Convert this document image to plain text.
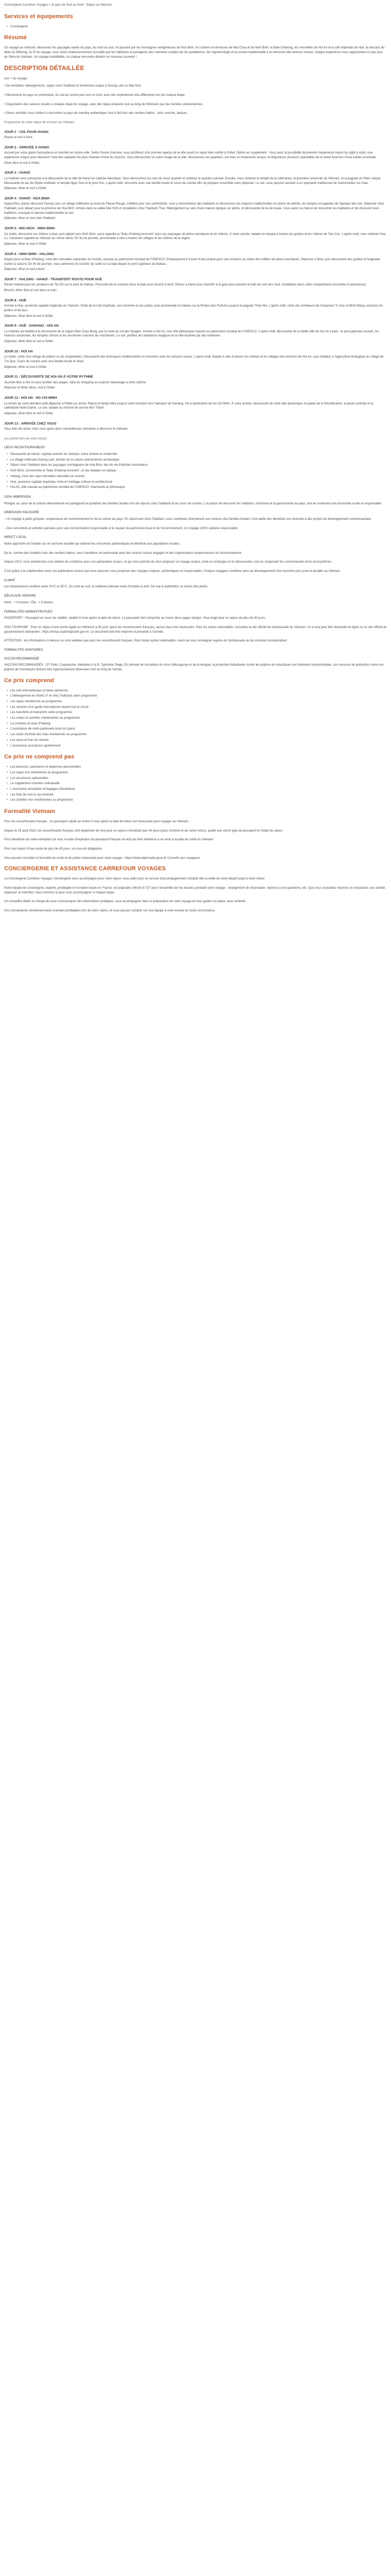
Conciergerie Carrefour Voyages / Je pars de Sud au Nord - Séjour au Vietnam
Services et équipements
• Conciergerie
Résumé
Ce voyage au Vietnam, découvrez les paysages variés du pays, du nord au sud, en passant par les montagnes vertigineuses de Hoà Binh, les rizières en terrasses de Mai Chau et de Ninh Binh, la Baie d'Halong, les merveilles de Hoi An et la cité impériale de Hué, la douceur du delta du Mékong. Au fil du voyage, vous serez chaleureusement accueillis par les habitants et partagerez des moments simples de vie quotidienne. De l'agroécologie et la cuisine traditionnelle à la rencontre des artisans locaux, chaque expérience vous rapprochera un peu plus de l'âme du Vietnam. Un voyage inoubliable, où chaque rencontre devient un nouveau souvenir !
DESCRIPTION DÉTAILLÉE
Les + du voyage :
• De véritables hébergements, séjour chez l'habitant et immersion unique à Duong Lam ou Mai Hich.
• Découverte du pays en profondeur, du sud au centre puis vers le nord, avec des expériences très différentes lors de chaque étape.
• Dégustation des saveurs locales à chaque étape du voyage, avec des repas préparés tout au long de l'itinéraire par des familles vietnamiennes.
• Divers activités vous invitent à rencontrer le pays de manière authentique, tout à fait hors des sentiers battus ; vélo, marche, barque...
Programme de votre séjour de 14 jours au Vietnam
JOUR 1 : VOL POUR HANOI
Repas et nuit à bord.
JOUR 2 : ARRIVÉE À HANOI
Accueil par votre guide francophone et transfert en centre-ville. Selon l'heure d'arrivée, vous profiterez d'un premier aperçu de la ville avant un repos bien mérité à l'hôtel. Option en supplément : Vous avez la possibilité de prendre l'expérience Hanoï by night à moto, une expérience unique pour découvrir l'une des capitales les plus vivantes d'Asie du Sud-Est. Vous découvrirez un autre visage de la ville, découvrirez ses quartiers, ses bars et restaurants locaux, et dégusterez plusieurs spécialités de la street food lors d'une soirée conviviale.
Dîner libre et nuit à l'hôtel.
JOUR 3 : HANOÏ
La matinée sera consacrée à la découverte de la ville de Hanoï en calèche électrique. Vous découvrirez les rues du vieux quartier et visiterez le quartier colonial. Ensuite, vous visiterez le temple de la Littérature, la première université du Vietnam, et la pagode du Pilier unique. Découverte du lac de l'Épée restituée, le temple Ngoc Son et le pont Huc. L'après-midi, rencontre avec une famille locale et cours de cuisine afin de préparer ensemble votre déjeuner. Le soir, vous pourrez assister à un spectacle traditionnel de marionnettes sur l'eau.
Déjeuner, dîner et nuit à l'hôtel.
JOUR 4 : HANOÏ - HOA BINH
Aujourd'hui, partez découvrir Duong Lam, un village millénaire au bord du Fleuve Rouge. Célèbre pour son authenticité, vous y rencontrerez des habitants et découvrirez les maisons traditionnelles en pierre de latérite, les temples et pagodes de l'époque des rois. Déjeuner chez l'habitant, puis départ pour la province de Hoa Binh. Arrivée dans la vallée Mai Hich et installation chez l'habitant Thai. Hébergement au sein d'une maison typique sur pilotis, et découverte de la vie locale. Vous aurez la chance de rencontrer les habitants et de découvrir leurs traditions, musique et danses traditionnelles le soir.
Déjeuner, dîner et nuit chez l'habitant.
JOUR 5 : MAI HICH - NINH BINH
Ce matin, découvrez les rizières à pied, puis départ vers Ninh Binh, aussi appelée la "Baie d'Halong terrestre" pour ses paysages de pitons karstiques et de rizières. À votre arrivée, balade en barque à travers les grottes et les rizières de Tam Coc. L'après-midi, vous visiterez Hoa Lu, l'ancienne capitale du Vietnam au Xème siècle. En fin de journée, promenade à vélo à travers les villages et les rizières de la région.
Déjeuner, dîner et nuit à l'hôtel.
JOUR 6 : NINH BINH - HALONG
Départ pour la Baie d'Halong, l'une des merveilles naturelles du monde, classée au patrimoine mondial de l'UNESCO. Embarquement à bord d'une jonque pour une croisière au milieu des milliers de pitons karstiques. Déjeuner à bord, puis découverte des grottes et baignade (selon la saison). En fin de journée, vous admirerez le coucher du soleil sur la baie depuis le pont supérieur du bateau.
Déjeuner, dîner et nuit à bord.
JOUR 7 : HALONG - HANOÏ - TRANSFERT ROUTE POUR HUÉ
Réveil matinal pour les amateurs de Tai Chi sur le pont du bateau. Poursuite de la croisière dans la baie avec brunch à bord. Retour à Hanoï puis transfert à la gare pour prendre le train de nuit vers Hué. Installation dans votre compartiment couchette (4 personnes).
Brunch, dîner libre et nuit dans le train.
JOUR 8 : HUÉ
Arrivée à Hué, ancienne capitale impériale du Vietnam. Visite de la Cité impériale, son enceinte et ses palais, puis promenade en bateau sur la Rivière des Parfums jusqu'à la pagode Thien Mu. L'après-midi, visite des tombeaux de l'empereur Tu Duc et Minh Mang, entourés de jardins et de lacs.
Déjeuner, dîner libre et nuit à l'hôtel.
JOUR 9 : HUÉ - DANANG - HOI AN
La matinée est dédiée à la découverte de la région Dien Chau Bong, par la route du col des Nuages. Arrivée à Hoi An, une ville pittoresque classée au patrimoine mondial de l'UNESCO. L'après-midi, découverte de la vieille ville de Hoi An à pied : le pont japonais couvert, les maisons anciennes, les temples chinois et les anciennes maisons de marchands. Le soir, profitez de l'ambiance magique de la ville éclairée par des lanternes.
Déjeuner, dîner libre et nuit à l'hôtel.
JOUR 10 : HOI AN
Le matin, visite d'un village de potiers ou de charpentiers. Découverte des techniques traditionnelles et rencontre avec les artisans locaux. L'après-midi, balade à vélo à travers les rizières et les villages des environs de Hoi An, puis initiation à l'agriculture biologique au village de Tra Que. Cours de cuisine avec une famille locale et dîner.
Déjeuner, dîner et nuit à l'hôtel.
JOUR 11 : DÉCOUVERTE DE HOI AN À VOTRE RYTHME
Journée libre à Hoi An pour profiter des plages, faire du shopping ou explorer davantage à votre rythme.
Déjeuner et dîner libres, nuit à l'hôtel.
JOUR 12 : HOI AN - HO CHI MINH
Le temps de votre dernière petit-déjeuner à l'hôtel sur arrivé. Repos et temps libre jusqu'à votre transfert vers l'aéroport de Danang. Vol à destination de Ho Chi Minh. À votre arrivée, découverte de cette ville dynamique, le palais de la Réunification, la poste centrale et la cathédrale Notre-Dame. Le soir, balade au marché de nuit de Ben Thanh.
Déjeuner, dîner libre et nuit à l'hôtel.
JOUR 13 : ARRIVÉE CHEZ VOUS
Vous êtes de retour chez vous après deux merveilleuses semaines à découvrir le Vietnam.
Les points forts de votre circuit :
LIEUX INCONTOURNABLES
• Découverte de Hanoï, capitale animée du Vietnam, entre histoire et modernité
• Le village millénaire Duong Lam, témoin de la culture vietnamienne authentique
• Séjour chez l'habitant dans les paysages montagneux de Hoa Binh, lieu de vie d'ethnies minoritaires
• Ninh Binh, surnommée la "Baie d'Halong terrestre", et ses balades en barque
• Halong, l'une des sept merveilles naturelles du monde
• Hué, ancienne capitale impériale, riche en héritage culturel et architectural
• Hoi An, ville classée au patrimoine mondial de l'UNESCO, charmante et pittoresque
100% IMMERSION
Plongez au cœur de la culture vietnamienne en partageant le quotidien des familles locales lors de séjours chez l'habitant et de cours de cuisine. L'occasion de découvrir les traditions, l'artisanat et la gastronomie du pays, tout en soutenant une économie locale et responsable.
DIMENSION SOLIDAIRE
– Un voyage à petits groupes, respectueux de l'environnement et de la culture du pays. En séjournant chez l'habitant, vous contribuez directement aux revenus des familles locales. Une partie des bénéfices est reversée à des projets de développement communautaire.
– Des rencontres et activités pensées pour une consommation responsable et le respect du patrimoine local et de l'environnement. Un voyage 100% carbone responsable.
IMPACT LOCAL
Notre approche est fondée sur un tourisme durable qui valorise les rencontres authentiques et bénéficie aux populations locales.
De la, comme des localités hors des sentiers battus, nous travaillons en partenariat avec des acteurs locaux engagés et des organisations respectueuses de l'environnement.
Depuis 2012, nous entretenons une relation de confiance avec nos partenaires locaux, ce qui nous permet de vous proposer un voyage unique, riche en échanges et en découvertes, tout en respectant les communautés et les écosystèmes.
C'est grâce à la collaboration avec nos partenaires locaux que nous pouvons vous proposer des voyages uniques, authentiques et responsables. Chaque voyageur contribue ainsi au développement d'un tourisme plus juste et durable au Vietnam.
CLIMAT
Les températures oscillent entre 20°C et 35°C. Du nord au sud, la meilleure période reste d'octobre à avril. De mai à septembre, la saison des pluies.
DÉCALAGE HORAIRE
Hiver : + 6 heures / Été : + 5 heures
FORMALITÉS ADMINISTRATIVES
PASSEPORT : Passeport en cours de validité, valable 6 mois après la date de retour. Le passeport doit comporter au moins deux pages vierges. Visa exigé pour un séjour de plus de 45 jours.
VISA TOURISME : Pour un séjour d'une durée égale ou inférieure à 45 jours (pour les ressortissants français), aucun visa n'est nécessaire. Pour les autres nationalités, consultez le site officiel de l'ambassade du Vietnam. Un e-visa peut être demandé en ligne sur le site officiel du gouvernement vietnamien : https://evisa.xuatnhapcanh.gov.vn. Le document doit être imprimé et présenté à l'arrivée.
ATTENTION : les informations ci-dessus se sont validées que pour les ressortissants français. Pour toutes autres nationalités, merci de vous renseigner auprès de l'ambassade ou du consulat correspondant.
FORMALITÉS SANITAIRES
VACCIN RECOMMANDÉ
VACCINS RECOMMANDÉS : DT Polio, Coqueluche, Hépatites A & B, Typhoïde, Rage. En période de circulation du virus chikungunya et de la dengue, la protection individuelle contre les piqûres de moustiques est fortement recommandée. Les mesures de protection contre les piqûres de moustiques doivent être rigoureusement observées tout au long de l'année.
Ce prix comprend
• Les vols internationaux et taxes aériennes
• L'hébergement en hôtels 3* et chez l'habitant selon programme
• Les repas mentionnés au programme
• Les services d'un guide francophone durant tout le circuit
• Les transferts et transports selon programme
• Les visites et activités mentionnées au programme
• La croisière en baie d'Halong
• L'assistance de notre partenaire local sur place
• Les droits d'entrée des sites mentionnés au programme
• Les taxes et frais de service
• L'assurance assistance rapatriement
Ce prix ne comprend pas
• Les boissons, pourboires et dépenses personnelles
• Les repas non mentionnés au programme
• Les excursions optionnelles
• Le supplément chambre individuelle
• L'assurance annulation et bagages (facultative)
• Les frais de visa le cas échéant
• Les activités non mentionnées au programme
Formalité Vietnam
Pour les ressortissants français : un passeport valide au moins 6 mois après la date de retour est nécessaire pour voyager au Vietnam.
Depuis le 15 août 2023, les ressortissants français sont dispensés de visa pour un séjour n'excédant pas 45 jours (jours d'entrée et de sortie inclus), quelle que soit le type de passeport et l'objet du séjour.
Pour bénéficier de cette exemption de visa, la date d'expiration du passeport français ne doit pas être inférieure à six mois à la date de sortie du Vietnam.
Pour tout séjour d'une durée de plus de 45 jours, un visa est obligatoire.
Vous pouvez consulter la formalité de sortie et de police nécessaire pour votre voyage : https://www.diplomatie.gouv.fr/ Conseils aux voyageurs
CONCIERGERIE ET ASSISTANCE CARREFOUR VOYAGES
La Conciergerie Carrefour Voyages Conciergerie vous accompagne pour votre séjour, vous aider pour un service d'accompagnement complet dès la veille de votre départ jusqu'à votre retour.
Notre équipe de conciergerie, experte, privilégiée et humaine basée en France, est joignable 24h/24 et 7j/7 pour l'ensemble de vos besoins pendant votre voyage : changement de réservation, réponse à vos questions, etc. Que vous souhaitiez réserver un restaurant, une activité, organiser un transfert, nous sommes là pour vous accompagner à chaque étape.
Un conseiller dédié se charge de vous communiquer des informations pratiques, vous accompagner dans la préparation de votre voyage et vous guider sur place, avec sérénité.
Vos conciergeries deviennent ainsi vraiment privilégiées lors de votre séjour, et vous pouvez compter sur une équipe à votre écoute en toute circonstance.
